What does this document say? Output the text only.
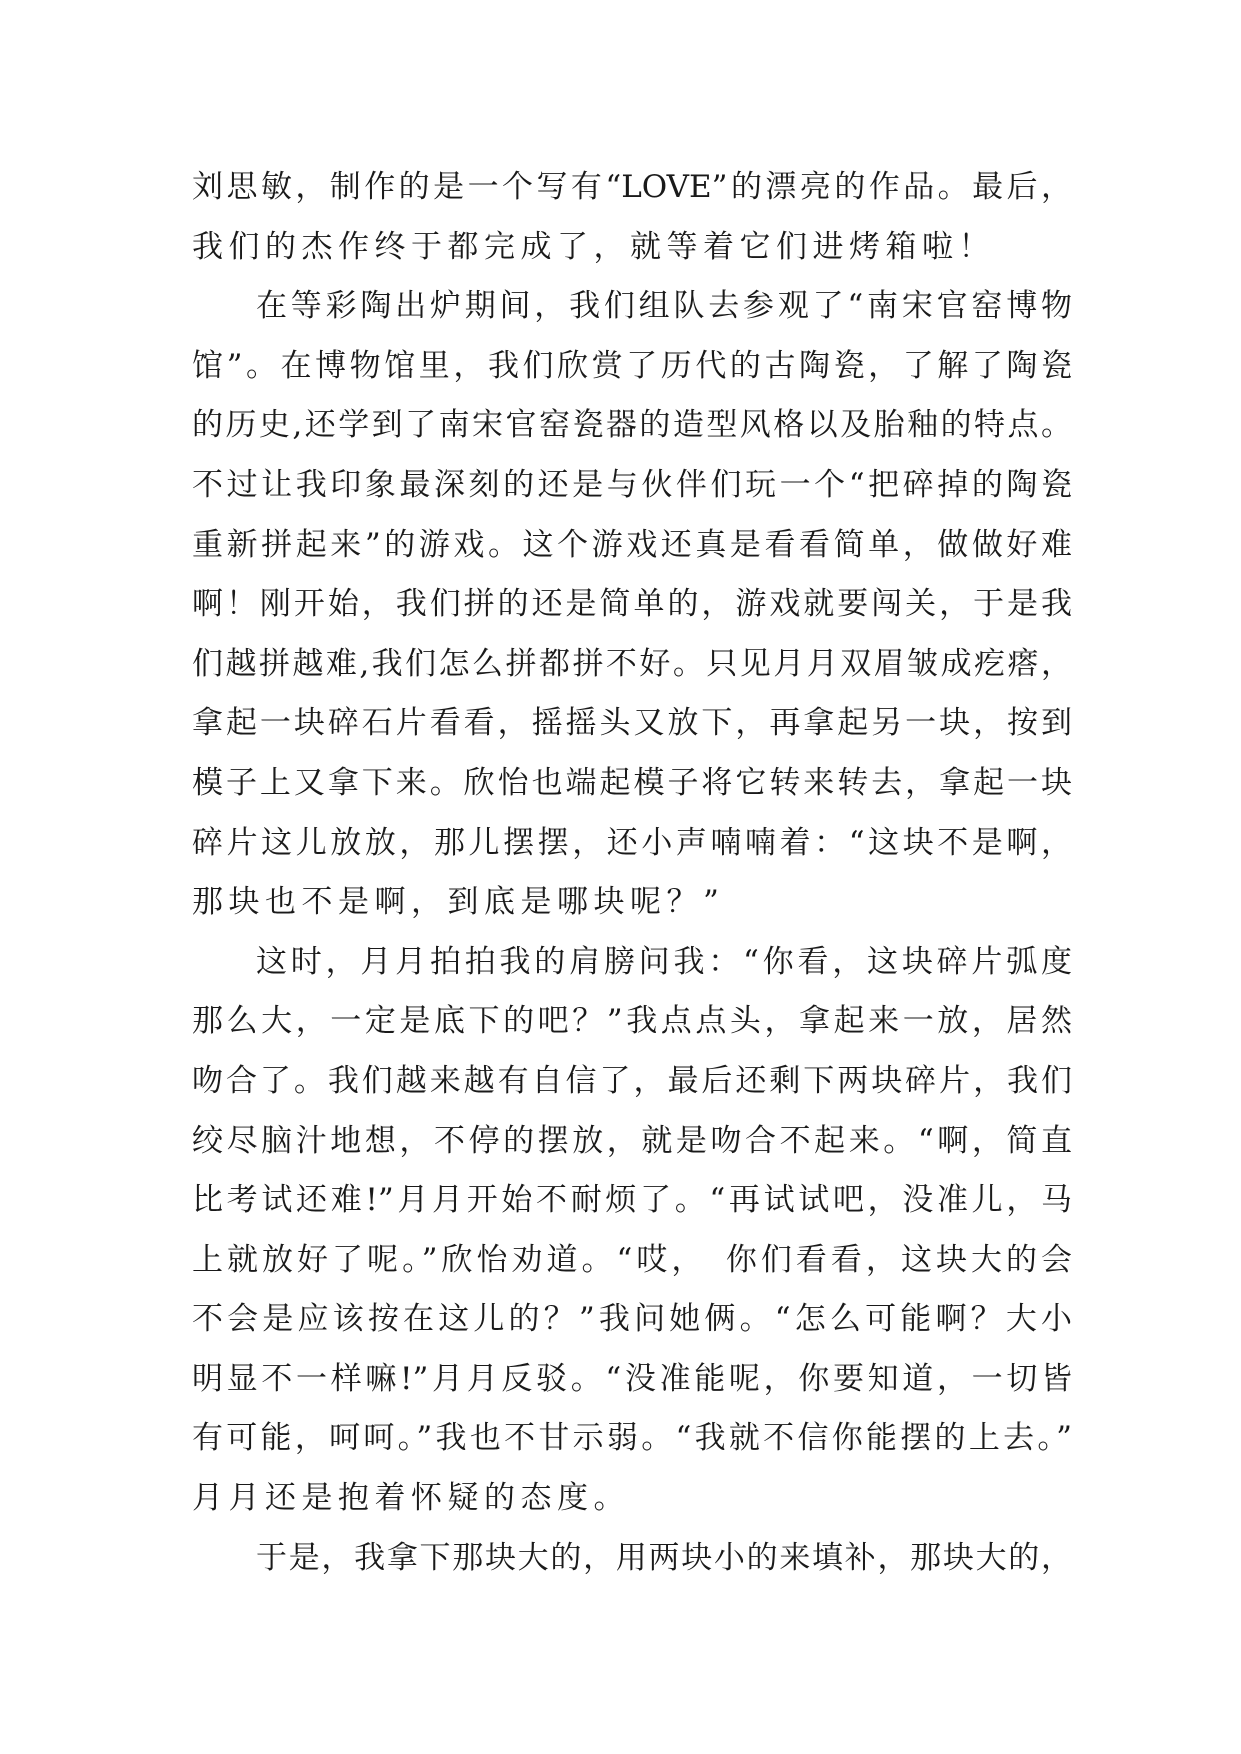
刘思敏，制作的是一个写有“LOVE”的漂亮的作品。最后，
我们的杰作终于都完成了，就等着它们进烤箱啦！
在等彩陶出炉期间，我们组队去参观了“南宋官窑博物
馆”。在博物馆里，我们欣赏了历代的古陶瓷，了解了陶瓷
的历史,还学到了南宋官窑瓷器的造型风格以及胎釉的特点。
不过让我印象最深刻的还是与伙伴们玩一个“把碎掉的陶瓷
重新拼起来”的游戏。这个游戏还真是看看简单，做做好难
啊！刚开始，我们拼的还是简单的，游戏就要闯关，于是我
们越拼越难,我们怎么拼都拼不好。只见月月双眉皱成疙瘩，
拿起一块碎石片看看，摇摇头又放下，再拿起另一块，按到
模子上又拿下来。欣怡也端起模子将它转来转去，拿起一块
碎片这儿放放，那儿摆摆，还小声喃喃着：“这块不是啊，
那块也不是啊，到底是哪块呢？”
这时，月月拍拍我的肩膀问我：“你看，这块碎片弧度
那么大，一定是底下的吧？”我点点头，拿起来一放，居然
吻合了。我们越来越有自信了，最后还剩下两块碎片，我们
绞尽脑汁地想，不停的摆放，就是吻合不起来。“啊，简直
比考试还难!”月月开始不耐烦了。“再试试吧，没准儿，马
上就放好了呢。”欣怡劝道。“哎，　你们看看，这块大的会
不会是应该按在这儿的？”我问她俩。“怎么可能啊？大小
明显不一样嘛!”月月反驳。“没准能呢，你要知道，一切皆
有可能，呵呵。”我也不甘示弱。“我就不信你能摆的上去。”
月月还是抱着怀疑的态度。
于是，我拿下那块大的，用两块小的来填补，那块大的，
